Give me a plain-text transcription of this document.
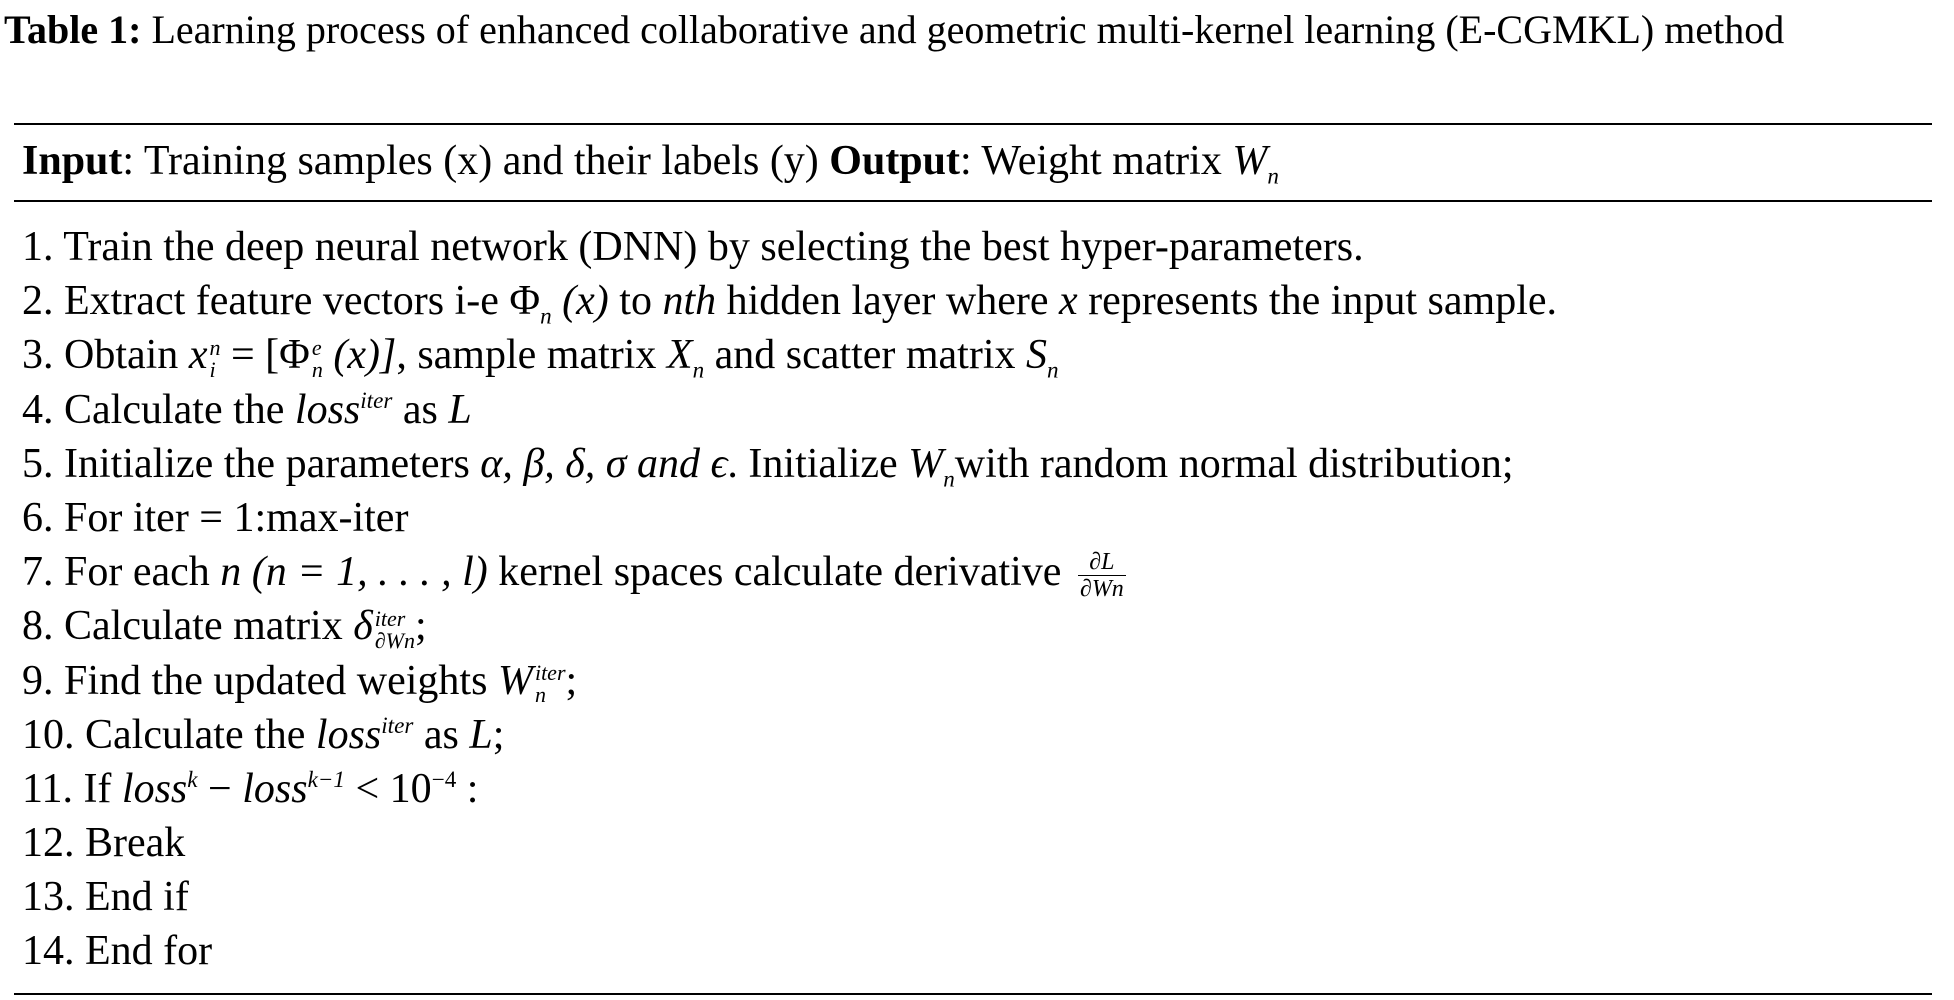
Table 1: Learning process of enhanced collaborative and geometric multi-kernel learning (E-CGMKL) method
Input: Training samples (x) and their labels (y) Output: Weight matrix $W_n$
1. Train the deep neural network (DNN) by selecting the best hyper-parameters.
2. Extract feature vectors i-e $\Phi_n$ (x) to nth hidden layer where x represents the input sample.
3. Obtain x n
i = [Φ e
n (x)], sample matrix $X_n$ and scatter matrix $S_n$
4. Calculate the loss$^{iter}$ as L
5. Initialize the parameters α, β, δ, σ and ϵ. Initialize $W_nwith$ random normal distribution;
6. For iter = 1:max-iter
7. For each n (n = 1, . . . , l) kernel spaces calculate derivative $\frac{\partial L}{\partial Wn}$
8. Calculate matrix δ iter
∂Wn ;
9. Find the updated weights W iter
n ;
10. Calculate the loss$^{iter}$ as L;
11. If loss$^k$ − loss$^{k-1}$ < $10^{-4}$ :
12. Break
13. End if
14. End for
